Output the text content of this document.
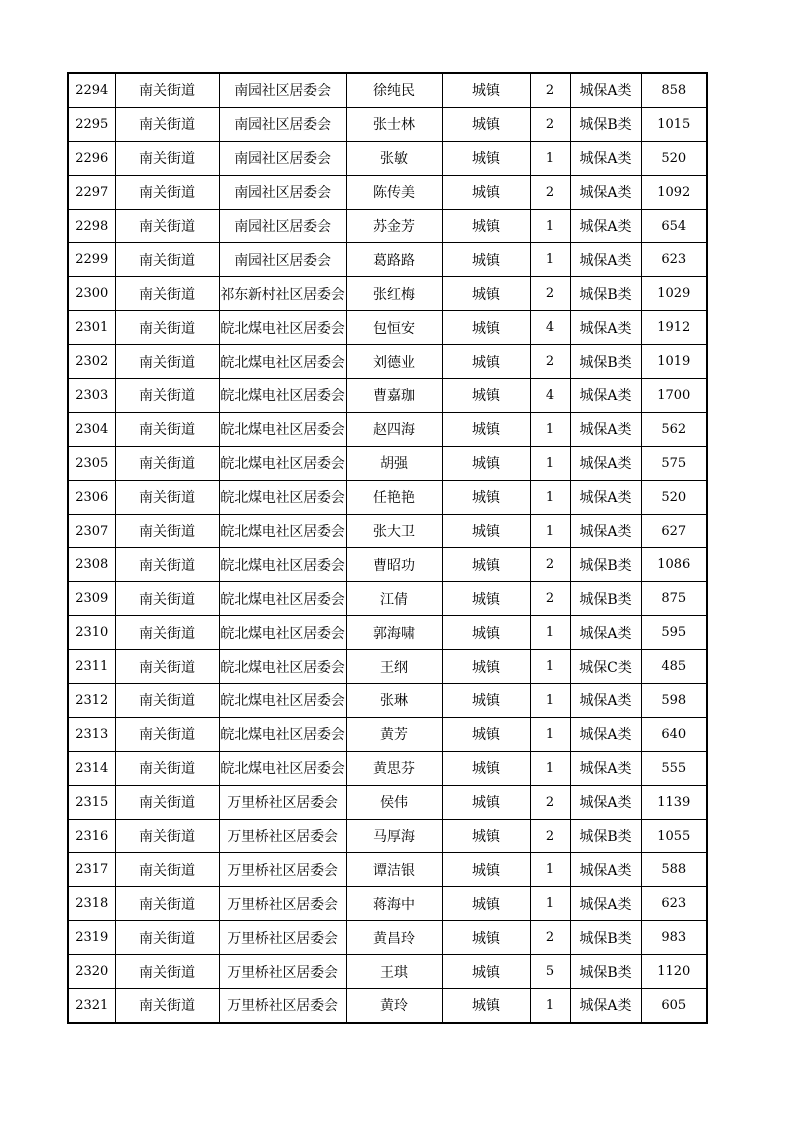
2294	南关街道	南园社区居委会	徐纯民	城镇	2	城保A类	858
2295	南关街道	南园社区居委会	张士林	城镇	2	城保B类	1015
2296	南关街道	南园社区居委会	张敏	城镇	1	城保A类	520
2297	南关街道	南园社区居委会	陈传美	城镇	2	城保A类	1092
2298	南关街道	南园社区居委会	苏金芳	城镇	1	城保A类	654
2299	南关街道	南园社区居委会	葛路路	城镇	1	城保A类	623
2300	南关街道	祁东新村社区居委会	张红梅	城镇	2	城保B类	1029
2301	南关街道	皖北煤电社区居委会	包恒安	城镇	4	城保A类	1912
2302	南关街道	皖北煤电社区居委会	刘德业	城镇	2	城保B类	1019
2303	南关街道	皖北煤电社区居委会	曹嘉珈	城镇	4	城保A类	1700
2304	南关街道	皖北煤电社区居委会	赵四海	城镇	1	城保A类	562
2305	南关街道	皖北煤电社区居委会	胡强	城镇	1	城保A类	575
2306	南关街道	皖北煤电社区居委会	任艳艳	城镇	1	城保A类	520
2307	南关街道	皖北煤电社区居委会	张大卫	城镇	1	城保A类	627
2308	南关街道	皖北煤电社区居委会	曹昭功	城镇	2	城保B类	1086
2309	南关街道	皖北煤电社区居委会	江倩	城镇	2	城保B类	875
2310	南关街道	皖北煤电社区居委会	郭海啸	城镇	1	城保A类	595
2311	南关街道	皖北煤电社区居委会	王纲	城镇	1	城保C类	485
2312	南关街道	皖北煤电社区居委会	张琳	城镇	1	城保A类	598
2313	南关街道	皖北煤电社区居委会	黄芳	城镇	1	城保A类	640
2314	南关街道	皖北煤电社区居委会	黄思芬	城镇	1	城保A类	555
2315	南关街道	万里桥社区居委会	侯伟	城镇	2	城保A类	1139
2316	南关街道	万里桥社区居委会	马厚海	城镇	2	城保B类	1055
2317	南关街道	万里桥社区居委会	谭洁银	城镇	1	城保A类	588
2318	南关街道	万里桥社区居委会	蒋海中	城镇	1	城保A类	623
2319	南关街道	万里桥社区居委会	黄昌玲	城镇	2	城保B类	983
2320	南关街道	万里桥社区居委会	王琪	城镇	5	城保B类	1120
2321	南关街道	万里桥社区居委会	黄玲	城镇	1	城保A类	605
